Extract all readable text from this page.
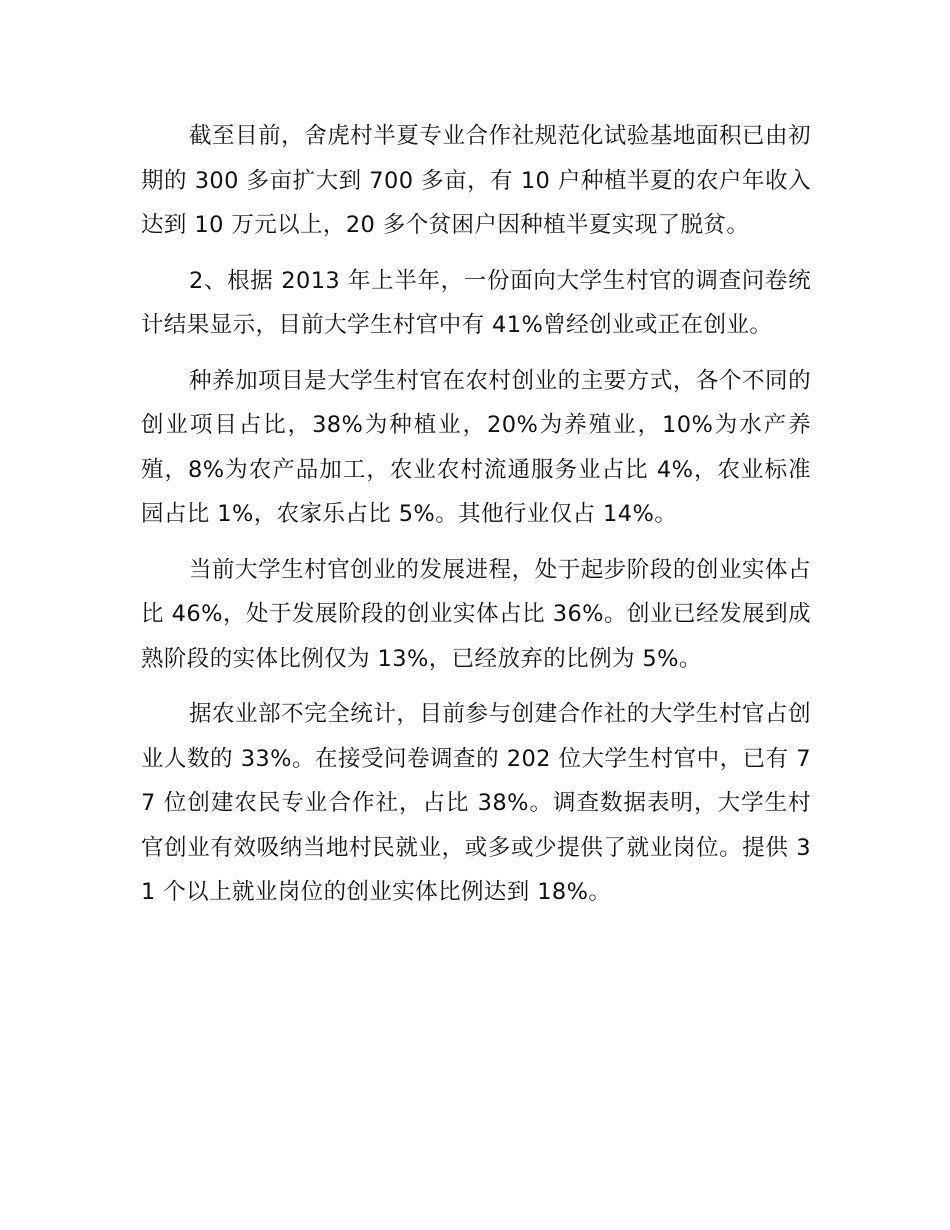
截至目前，舍虎村半夏专业合作社规范化试验基地面积已由初期的 300 多亩扩大到 700 多亩，有 10 户种植半夏的农户年收入达到 10 万元以上，20 多个贫困户因种植半夏实现了脱贫。

2、根据 2013 年上半年，一份面向大学生村官的调查问卷统计结果显示，目前大学生村官中有 41%曾经创业或正在创业。

种养加项目是大学生村官在农村创业的主要方式，各个不同的创业项目占比，38%为种植业，20%为养殖业，10%为水产养殖，8%为农产品加工，农业农村流通服务业占比 4%，农业标准园占比 1%，农家乐占比 5%。其他行业仅占 14%。

当前大学生村官创业的发展进程，处于起步阶段的创业实体占比 46%，处于发展阶段的创业实体占比 36%。创业已经发展到成熟阶段的实体比例仅为 13%，已经放弃的比例为 5%。

据农业部不完全统计，目前参与创建合作社的大学生村官占创业人数的 33%。在接受问卷调查的 202 位大学生村官中，已有 77 位创建农民专业合作社，占比 38%。调查数据表明，大学生村官创业有效吸纳当地村民就业，或多或少提供了就业岗位。提供 31 个以上就业岗位的创业实体比例达到 18%。
